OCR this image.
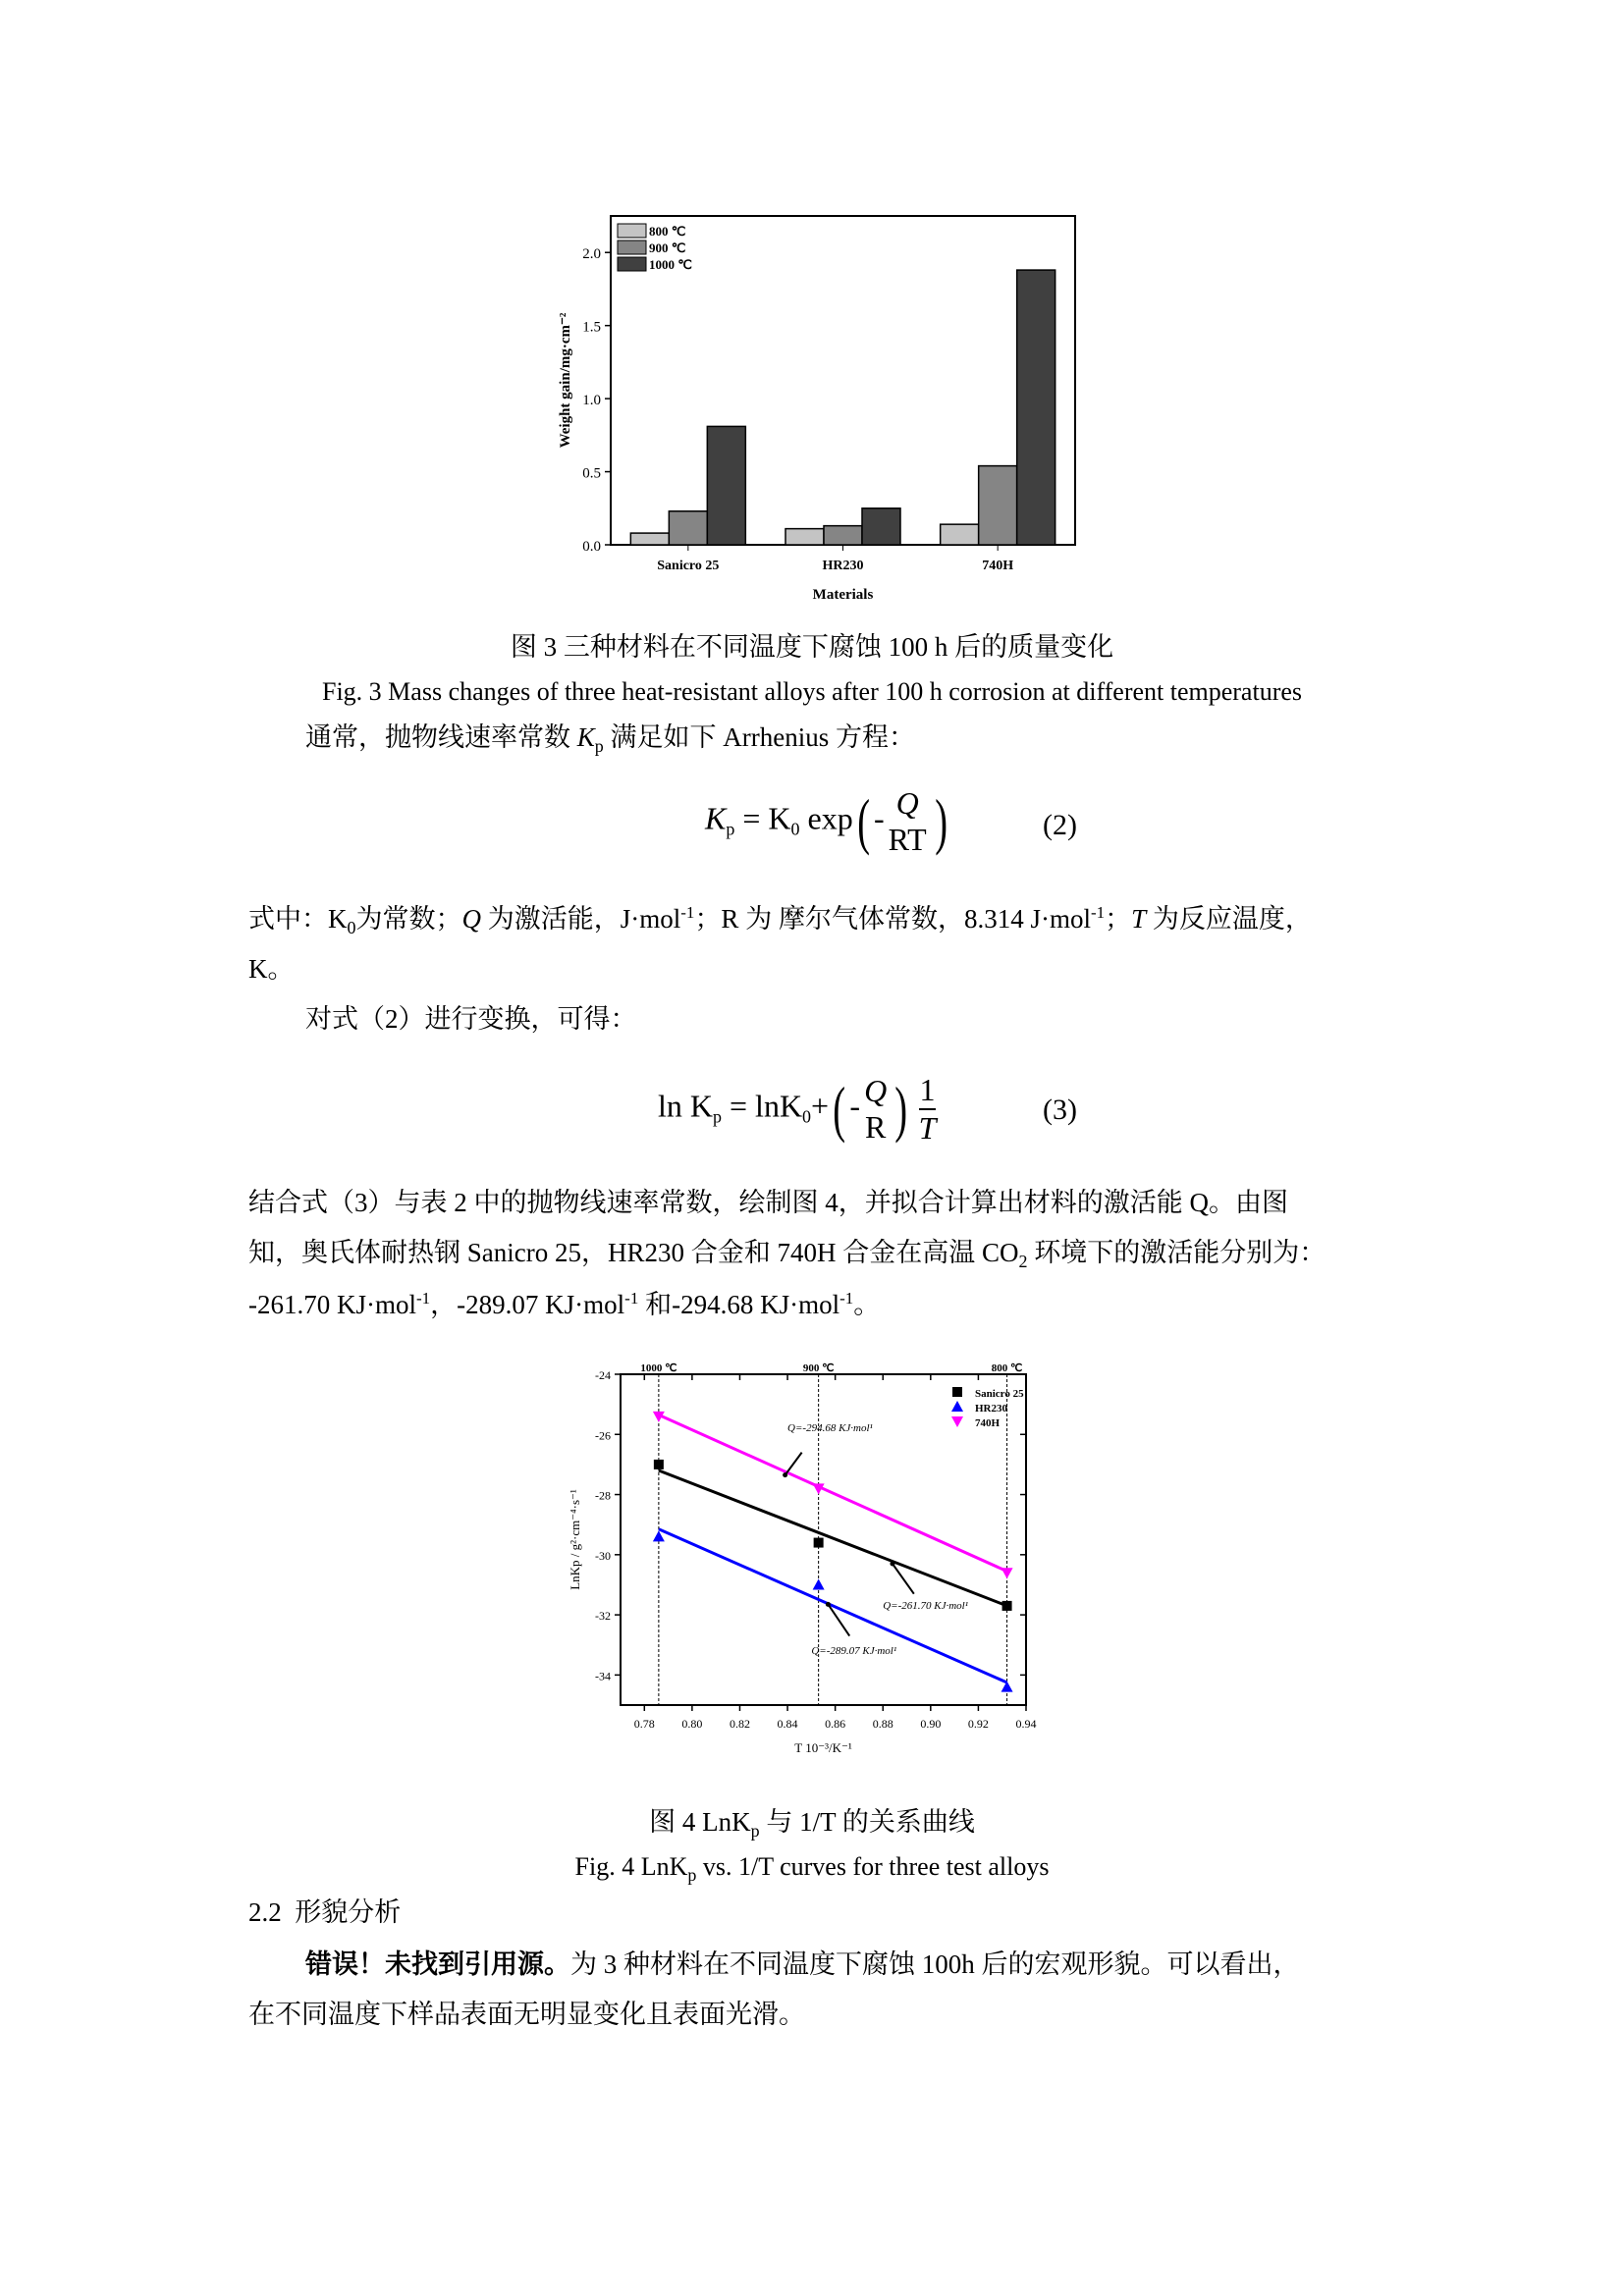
0.0
0.5
1.0
1.5
2.0
Sanicro 25	HR230	740H
800 ℃
900 ℃
1000 ℃
Materials
Weight gain/mg·cm⁻²
图 3 三种材料在不同温度下腐蚀 100 h 后的质量变化
Fig. 3 Mass changes of three heat-resistant alloys after 100 h corrosion at different temperatures
通常，抛物线速率常数 $K_p$ 满足如下 Arrhenius 方程：
$K_p = K_0$ exp( - Q
RT )	(2)
式中：$K_0$为常数；Q 为激活能，J·mol$^{-1}$；R 为 摩尔气体常数，8.314 J·mol$^{-1}$；T 为反应温度，
K。
对式（2）进行变换，可得：
$\ln K_p = \ln K_0+( - Q$
R ) $\frac{1}{T}$	(3)
结合式（3）与表 2 中的抛物线速率常数，绘制图 4，并拟合计算出材料的激活能 Q。由图
知，奥氏体耐热钢 Sanicro 25，HR230 合金和 740H 合金在高温 $CO_2$ 环境下的激活能分别为：
-261.70 KJ·mol$^{-1}$，-289.07 KJ·mol$^{-1}$ 和-294.68 KJ·mol$^{-1}$。
0.78 0.80 0.82 0.84 0.86 0.88 0.90 0.92 0.94
-24
-26
-28
-30
-32
-34
1000 ℃	900 ℃	800 ℃
Sanicro 25
HR230
740H
Q=-294.68 KJ·mol¹
Q=-261.70 KJ·mol¹
Q=-289.07 KJ·mol¹
T 10⁻³/K⁻¹
LnKp / g²·cm⁻⁴·s⁻¹
图 4 LnK$_p$ 与 1/T 的关系曲线
Fig. 4 LnK$_p$ vs. 1/T curves for three test alloys
2.2 形貌分析
错误！未找到引用源。为 3 种材料在不同温度下腐蚀 100h 后的宏观形貌。可以看出，
在不同温度下样品表面无明显变化且表面光滑。
